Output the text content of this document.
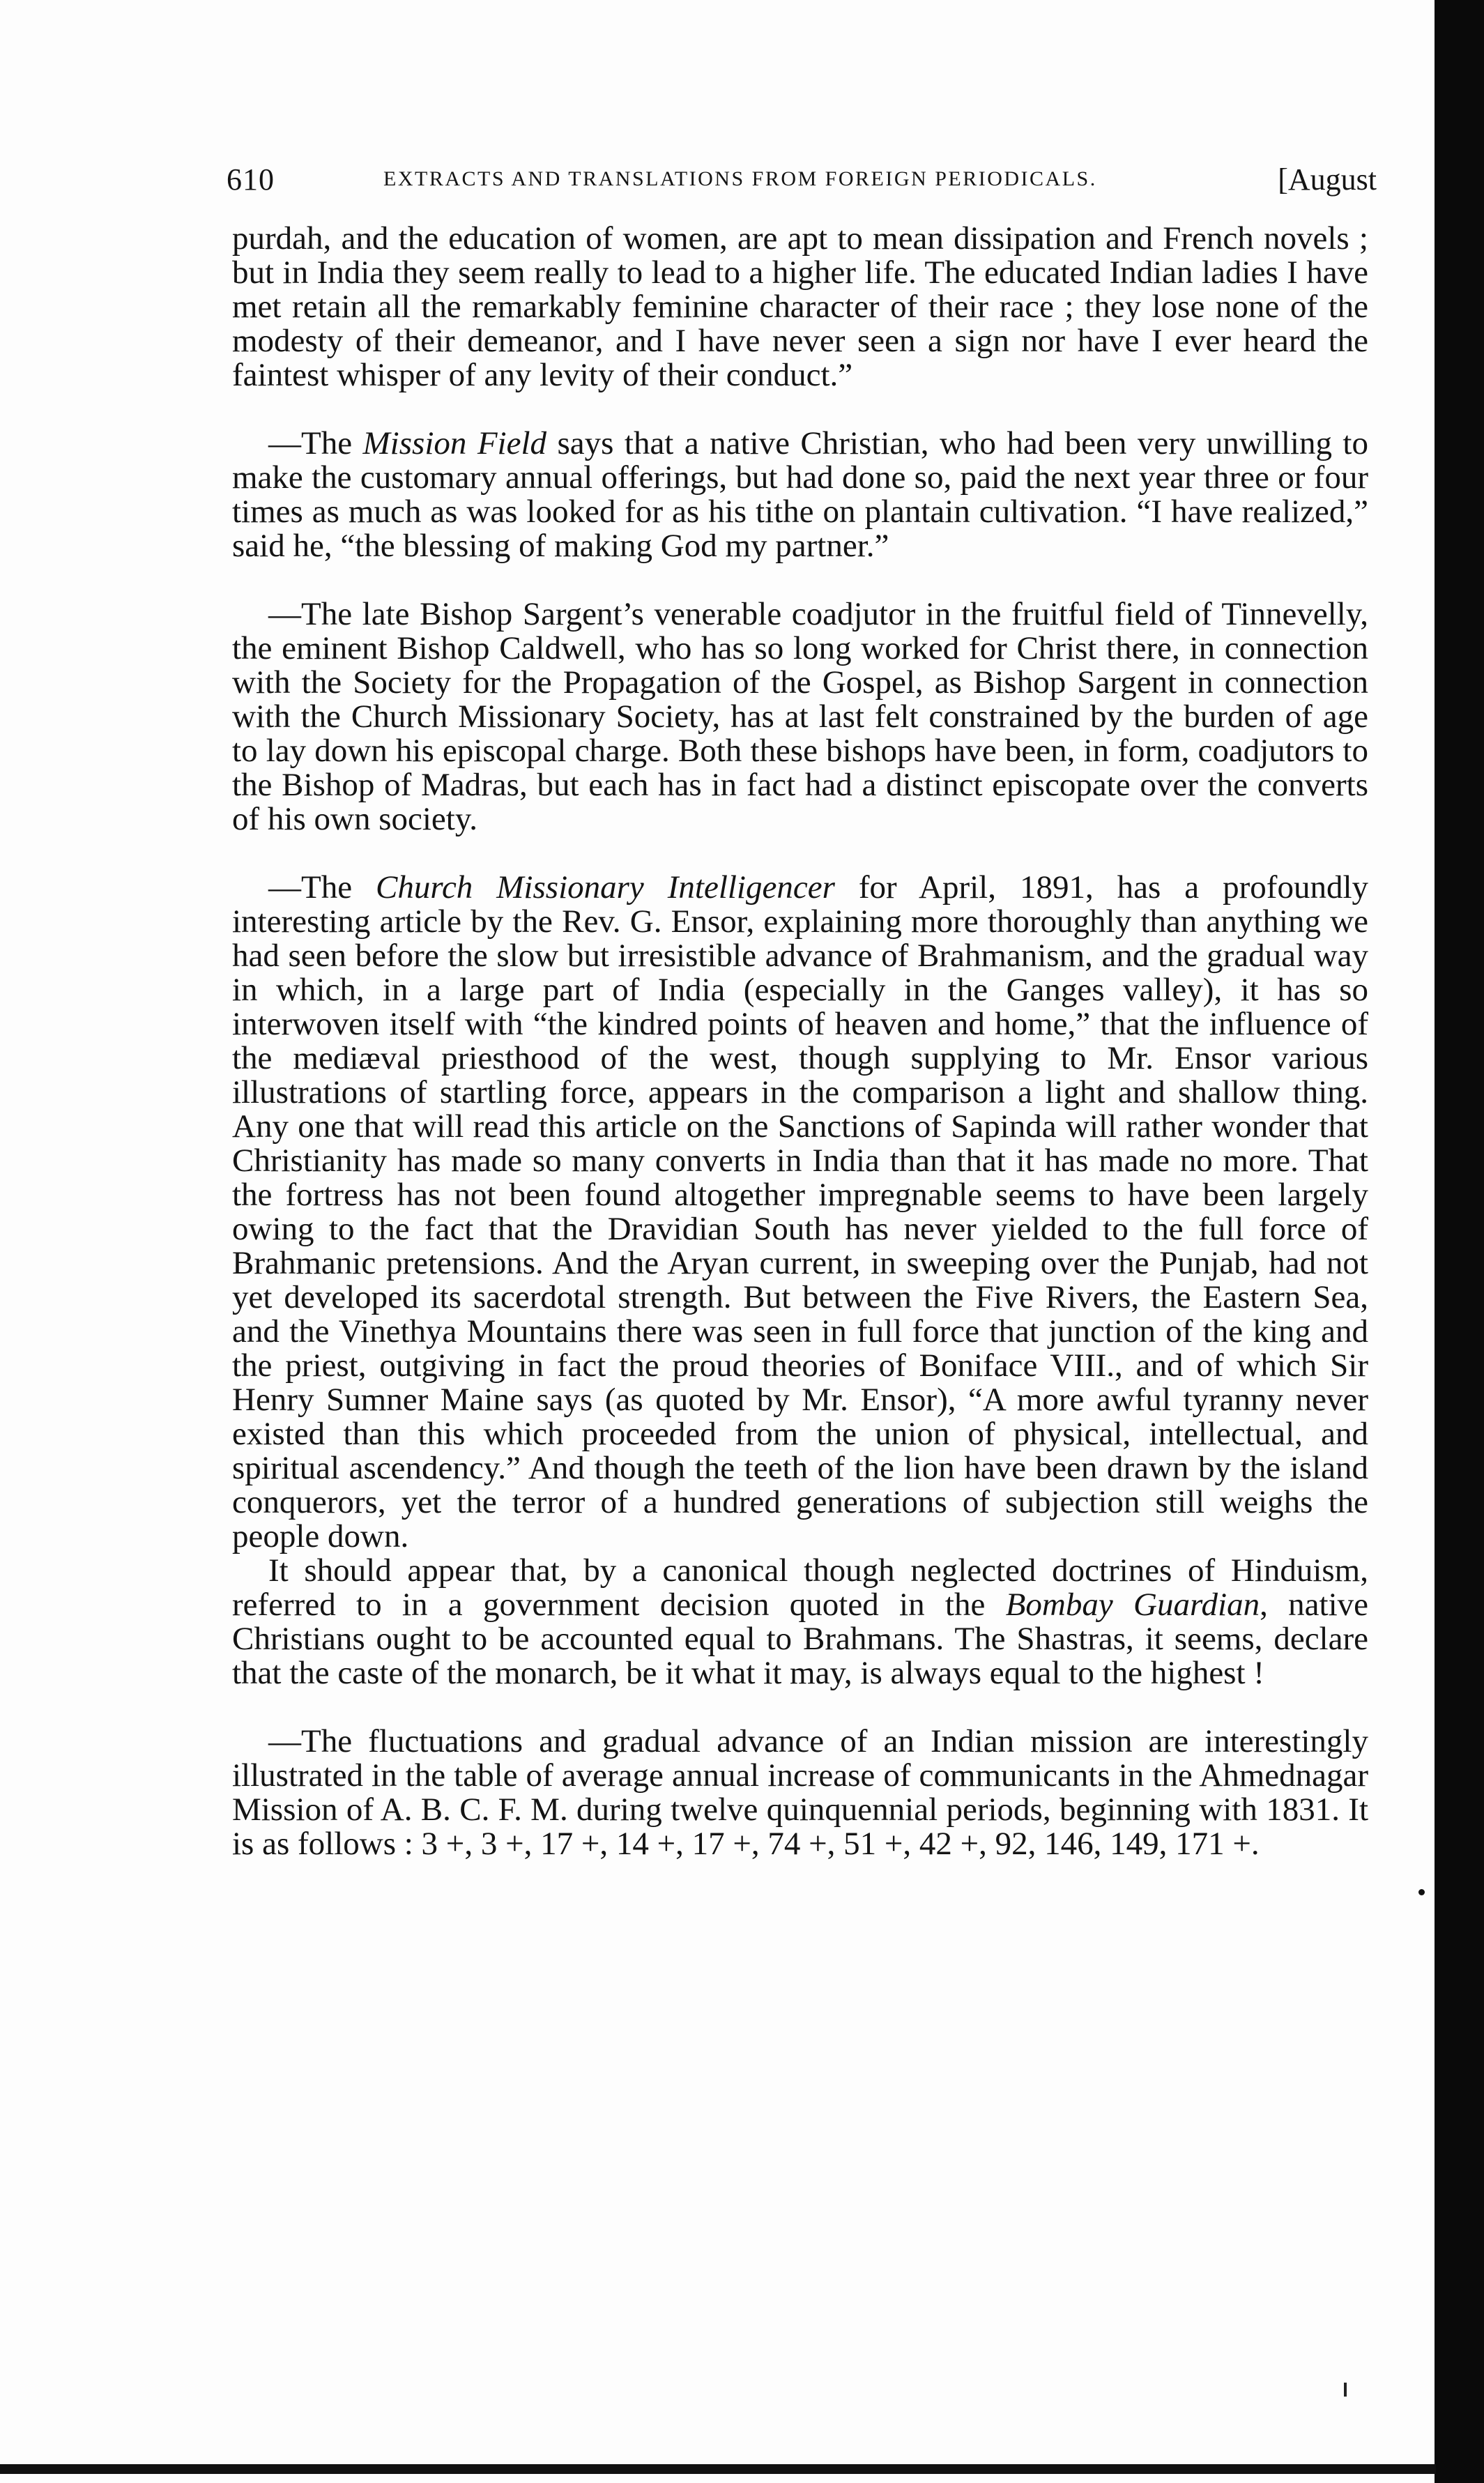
610	EXTRACTS AND TRANSLATIONS FROM FOREIGN PERIODICALS.	[August

purdah, and the education of women, are apt to mean dissipation and French novels ; but in India they seem really to lead to a higher life. The educated Indian ladies I have met retain all the remarkably feminine character of their race ; they lose none of the modesty of their demeanor, and I have never seen a sign nor have I ever heard the faintest whisper of any levity of their conduct.”

—The Mission Field says that a native Christian, who had been very unwilling to make the customary annual offerings, but had done so, paid the next year three or four times as much as was looked for as his tithe on plantain cultivation. “I have realized,” said he, “the blessing of making God my partner.”

—The late Bishop Sargent’s venerable coadjutor in the fruitful field of Tinnevelly, the eminent Bishop Caldwell, who has so long worked for Christ there, in connection with the Society for the Propagation of the Gospel, as Bishop Sargent in connection with the Church Missionary Society, has at last felt constrained by the burden of age to lay down his episcopal charge. Both these bishops have been, in form, coadjutors to the Bishop of Madras, but each has in fact had a distinct episcopate over the converts of his own society.

—The Church Missionary Intelligencer for April, 1891, has a profoundly interesting article by the Rev. G. Ensor, explaining more thoroughly than anything we had seen before the slow but irresistible advance of Brahmanism, and the gradual way in which, in a large part of India (especially in the Ganges valley), it has so interwoven itself with “the kindred points of heaven and home,” that the influence of the mediæval priesthood of the west, though supplying to Mr. Ensor various illustrations of startling force, appears in the comparison a light and shallow thing. Any one that will read this article on the Sanctions of Sapinda will rather wonder that Christianity has made so many converts in India than that it has made no more. That the fortress has not been found altogether impregnable seems to have been largely owing to the fact that the Dravidian South has never yielded to the full force of Brahmanic pretensions. And the Aryan current, in sweeping over the Punjab, had not yet developed its sacerdotal strength. But between the Five Rivers, the Eastern Sea, and the Vinethya Mountains there was seen in full force that junction of the king and the priest, outgiving in fact the proud theories of Boniface VIII., and of which Sir Henry Sumner Maine says (as quoted by Mr. Ensor), “A more awful tyranny never existed than this which proceeded from the union of physical, intellectual, and spiritual ascendency.” And though the teeth of the lion have been drawn by the island conquerors, yet the terror of a hundred generations of subjection still weighs the people down.

It should appear that, by a canonical though neglected doctrines of Hinduism, referred to in a government decision quoted in the Bombay Guardian, native Christians ought to be accounted equal to Brahmans. The Shastras, it seems, declare that the caste of the monarch, be it what it may, is always equal to the highest !

—The fluctuations and gradual advance of an Indian mission are interestingly illustrated in the table of average annual increase of communicants in the Ahmednagar Mission of A. B. C. F. M. during twelve quinquennial periods, beginning with 1831. It is as follows : 3 +, 3 +, 17 +, 14 +, 17 +, 74 +, 51 +, 42 +, 92, 146, 149, 171 +.
